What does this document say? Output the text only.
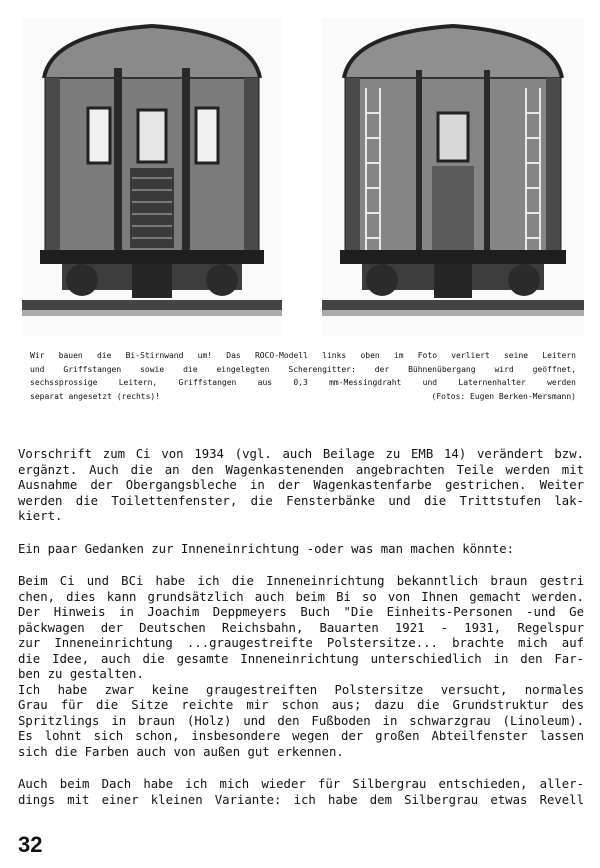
Wir bauen die Bi-Stirnwand um! Das ROCO-Modell links oben im Foto verliert seine Leitern
und Griffstangen sowie die eingelegten Scherengitter: der Bühnenübergang wird geöffnet,
sechssprossige Leitern, Griffstangen aus 0,3 mm-Messingdraht und Laternenhalter werden
separat angesetzt (rechts)!	(Fotos: Eugen Berken-Mersmann)

Vorschrift zum Ci von 1934 (vgl. auch Beilage zu EMB 14) verändert bzw.
ergänzt. Auch die an den Wagenkastenenden angebrachten Teile werden mit
Ausnahme der Obergangsbleche in der Wagenkastenfarbe gestrichen. Weiter
werden die Toilettenfenster, die Fensterbänke und die Trittstufen lak-
kiert.

Ein paar Gedanken zur Inneneinrichtung -oder was man machen könnte:

Beim Ci und BCi habe ich die Inneneinrichtung bekanntlich braun gestri
chen, dies kann grundsätzlich auch beim Bi so von Ihnen gemacht werden.
Der Hinweis in Joachim Deppmeyers Buch "Die Einheits-Personen -und Ge
päckwagen der Deutschen Reichsbahn, Bauarten 1921 - 1931, Regelspur
zur Inneneinrichtung ...graugestreifte Polstersitze... brachte mich auf
die Idee, auch die gesamte Inneneinrichtung unterschiedlich in den Far-
ben zu gestalten.
Ich habe zwar keine graugestreiften Polstersitze versucht, normales
Grau für die Sitze reichte mir schon aus; dazu die Grundstruktur des
Spritzlings in braun (Holz) und den Fußboden in schwarzgrau (Linoleum).
Es lohnt sich schon, insbesondere wegen der großen Abteilfenster lassen
sich die Farben auch von außen gut erkennen.

Auch beim Dach habe ich mich wieder für Silbergrau entschieden, aller-
dings mit einer kleinen Variante: ich habe dem Silbergrau etwas Revell

32
